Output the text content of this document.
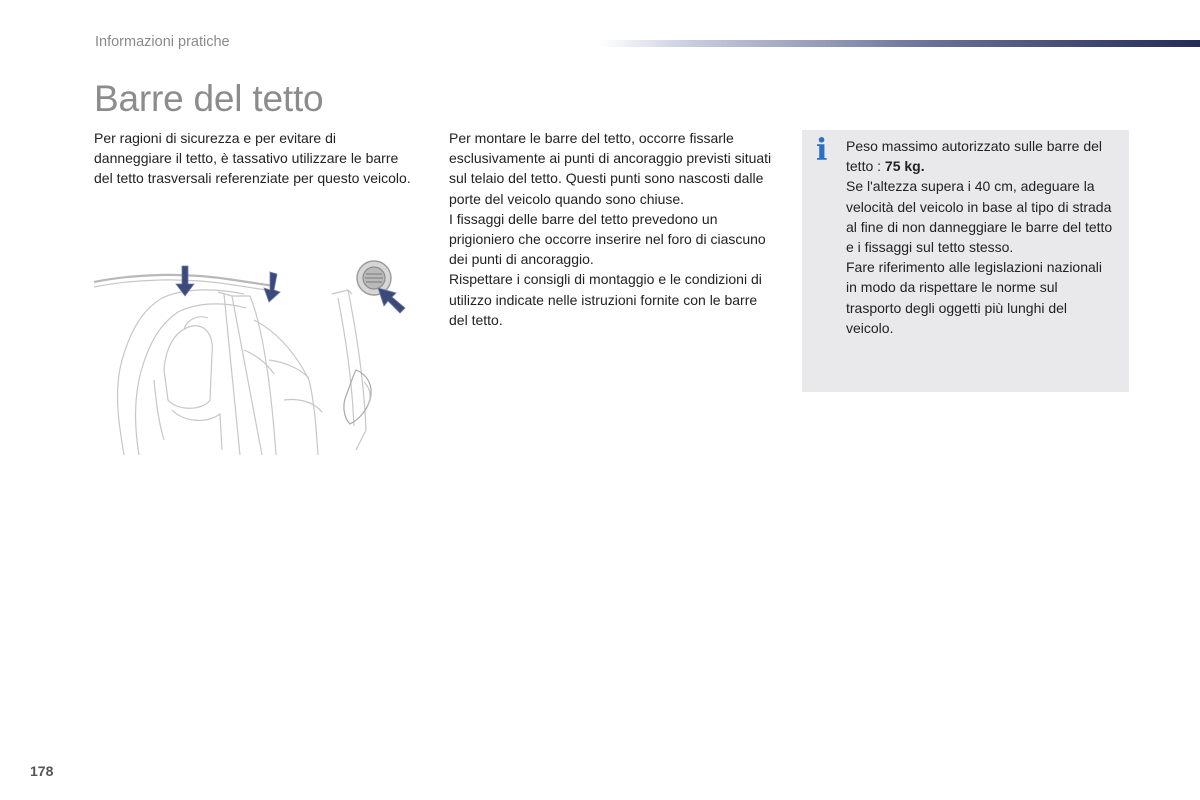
Informazioni pratiche
Barre del tetto

Per ragioni di sicurezza e per evitare di danneggiare il tetto, è tassativo utilizzare le barre del tetto trasversali referenziate per questo veicolo.

Per montare le barre del tetto, occorre fissarle esclusivamente ai punti di ancoraggio previsti situati sul telaio del tetto. Questi punti sono nascosti dalle porte del veicolo quando sono chiuse.

I fissaggi delle barre del tetto prevedono un prigioniero che occorre inserire nel foro di ciascuno dei punti di ancoraggio.

Rispettare i consigli di montaggio e le condizioni di utilizzo indicate nelle istruzioni fornite con le barre del tetto.

i Peso massimo autorizzato sulle barre del tetto : 75 kg.

Se l'altezza supera i 40 cm, adeguare la velocità del veicolo in base al tipo di strada al fine di non danneggiare le barre del tetto e i fissaggi sul tetto stesso.

Fare riferimento alle legislazioni nazionali in modo da rispettare le norme sul trasporto degli oggetti più lunghi del veicolo.

178
